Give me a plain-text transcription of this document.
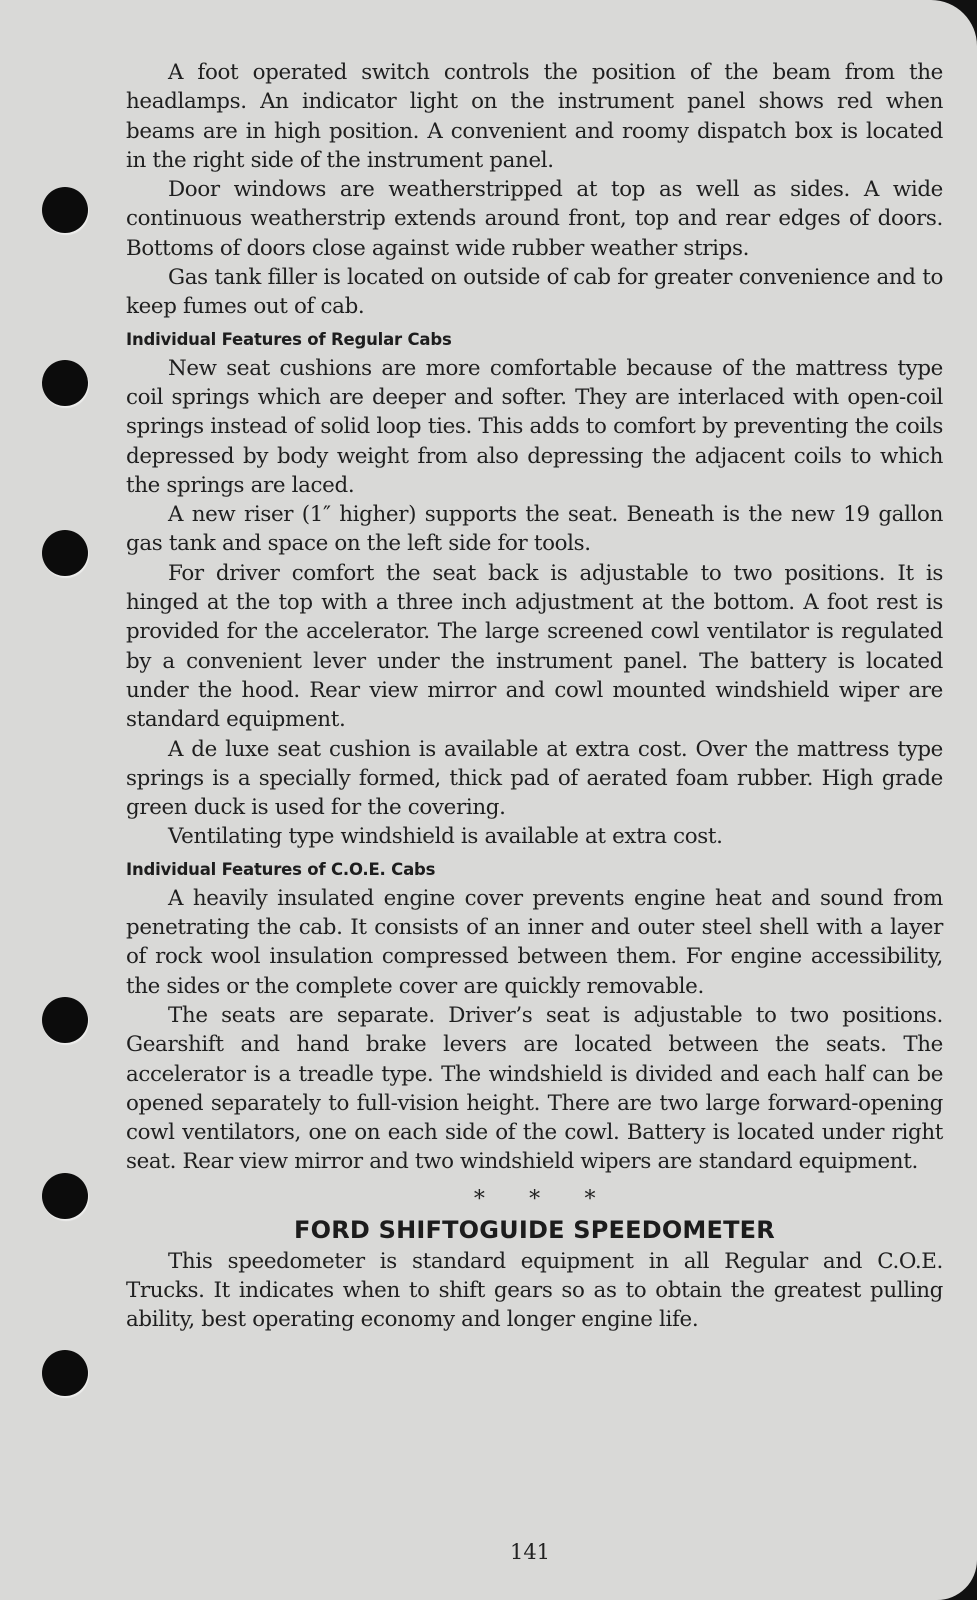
A foot operated switch controls the position of the beam from the headlamps. An indicator light on the instrument panel shows red when beams are in high position. A convenient and roomy dispatch box is located in the right side of the instrument panel.

Door windows are weatherstripped at top as well as sides. A wide continuous weatherstrip extends around front, top and rear edges of doors. Bottoms of doors close against wide rubber weather strips.

Gas tank filler is located on outside of cab for greater convenience and to keep fumes out of cab.

Individual Features of Regular Cabs

New seat cushions are more comfortable because of the mattress type coil springs which are deeper and softer. They are interlaced with open-coil springs instead of solid loop ties. This adds to comfort by preventing the coils depressed by body weight from also depressing the adjacent coils to which the springs are laced.

A new riser (1″ higher) supports the seat. Beneath is the new 19 gallon gas tank and space on the left side for tools.

For driver comfort the seat back is adjustable to two positions. It is hinged at the top with a three inch adjustment at the bottom. A foot rest is provided for the accelerator. The large screened cowl ventilator is regulated by a convenient lever under the instrument panel. The battery is located under the hood. Rear view mirror and cowl mounted windshield wiper are standard equipment.

A de luxe seat cushion is available at extra cost. Over the mattress type springs is a specially formed, thick pad of aerated foam rubber. High grade green duck is used for the covering.

Ventilating type windshield is available at extra cost.

Individual Features of C.O.E. Cabs

A heavily insulated engine cover prevents engine heat and sound from penetrating the cab. It consists of an inner and outer steel shell with a layer of rock wool insulation compressed between them. For engine accessibility, the sides or the complete cover are quickly removable.

The seats are separate. Driver’s seat is adjustable to two positions. Gearshift and hand brake levers are located between the seats. The accelerator is a treadle type. The windshield is divided and each half can be opened separately to full-vision height. There are two large forward-opening cowl ventilators, one on each side of the cowl. Battery is located under right seat. Rear view mirror and two windshield wipers are standard equipment.

* * *
FORD SHIFTOGUIDE SPEEDOMETER

This speedometer is standard equipment in all Regular and C.O.E. Trucks. It indicates when to shift gears so as to obtain the greatest pulling ability, best operating economy and longer engine life.

141
